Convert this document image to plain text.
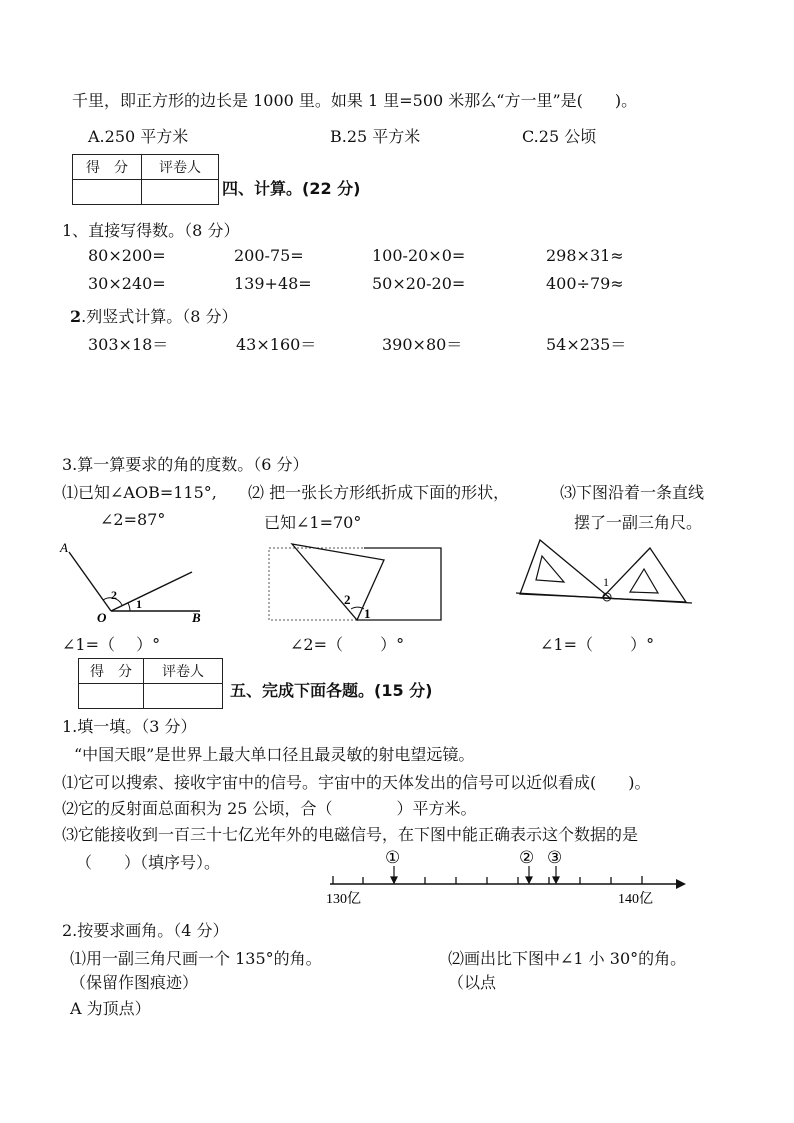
千里，即正方形的边长是 1000 里。如果 1 里=500 米那么“方一里”是(　　)。
A.250 平方米	B.25 平方米	C.25 公顷
得　分	评卷人

四、计算。(22 分)
1、直接写得数。（8 分）
80×200=	200-75=	100-20×0=	298×31≈
30×240=	139+48=	50×20-20=	400÷79≈
2.列竖式计算。（8 分）
303×18＝	43×160＝	390×80＝	54×235＝
3.算一算要求的角的度数。（6 分）
⑴已知∠AOB=115°,
∠2=87°
⑵ 把一张长方形纸折成下面的形状，
已知∠1=70°
⑶下图沿着一条直线
摆了一副三角尺。
A
O	B
1
2	2
1
1
∠1=（　 ）°	∠2=（　　 ）°	∠1=（　　 ）°
得　分	评卷人

五、完成下面各题。(15 分)
1.填一填。（3 分）
“中国天眼”是世界上最大单口径且最灵敏的射电望远镜。
⑴它可以搜索、接收宇宙中的信号。宇宙中的天体发出的信号可以近似看成(　　)。
⑵它的反射面总面积为 25 公顷，合（　　　　）平方米。
⑶它能接收到一百三十七亿光年外的电磁信号，在下图中能正确表示这个数据的是
（　　）（填序号）。	①	② ③
130亿	140亿
2.按要求画角。（4 分）
⑴用一副三角尺画一个 135°的角。
（保留作图痕迹）
⑵画出比下图中∠1 小 30°的角。
（以点
A 为顶点）
